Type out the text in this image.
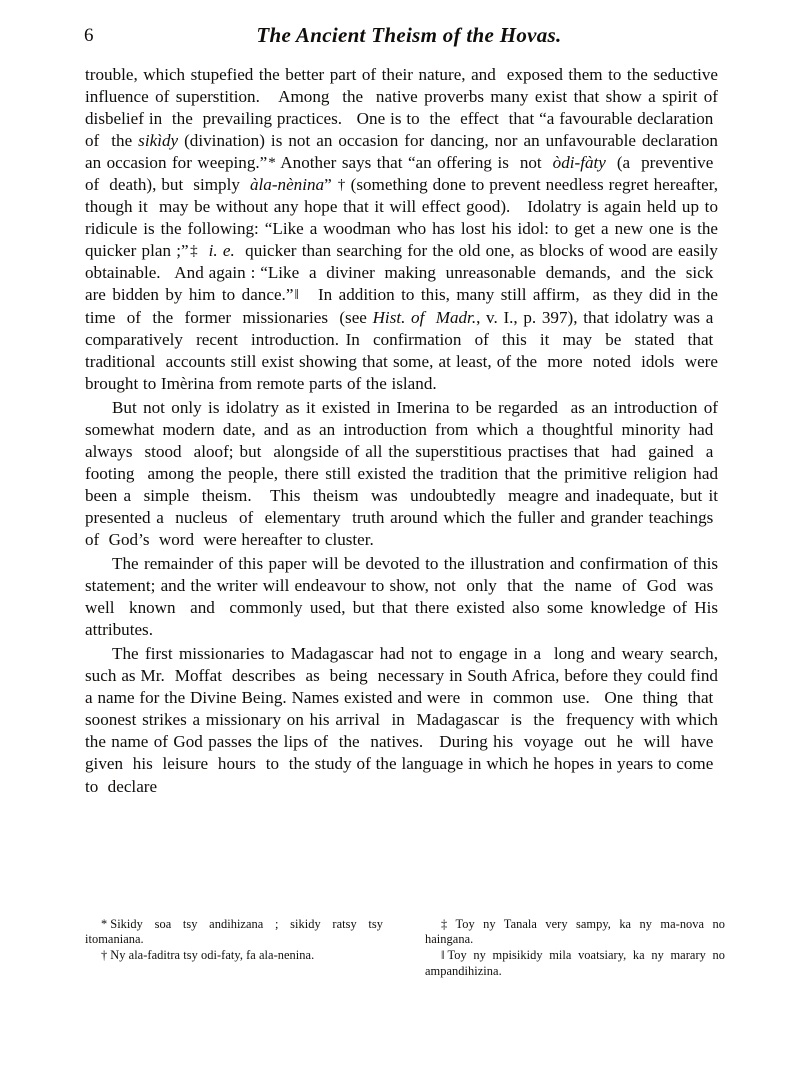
6	The Ancient Theism of the Hovas.

trouble, which stupefied the better part of their nature, and  exposed them to the seductive influence of superstition.   Among  the  native proverbs many exist that show a spirit of disbelief in  the  prevailing practices.   One is to  the  effect  that “a favourable declaration  of  the sikìdy (divination) is not an occasion for dancing, nor an unfavourable declaration an occasion for weeping.”* Another says that “an offering is  not  òdi-fàty  (a  preventive  of  death), but  simply  àla-nènina” † (something done to prevent needless regret hereafter, though it  may be without any hope that it will effect good).   Idolatry is again held up to ridicule is the following: “Like a woodman who has lost his idol: to get a new one is the quicker plan ;”‡ i. e.  quicker than searching for the old one, as blocks of wood are easily obtainable.   And again : “Like  a  diviner  making  unreasonable  demands,  and  the  sick  are bidden by him to dance.”‖   In addition to this, many still affirm,  as they did in the time  of  the  former  missionaries  (see Hist. of  Madr., v. I., p. 397), that idolatry was a  comparatively  recent  introduction. In  confirmation  of  this  it  may  be  stated  that  traditional  accounts still exist showing that some, at least, of the  more  noted  idols  were brought to Imèrina from remote parts of the island.

But not only is idolatry as it existed in Imerina to be regarded  as an introduction of somewhat modern date, and as an introduction from which a thoughtful minority had  always  stood  aloof; but  alongside of all the superstitious practises that  had  gained  a  footing  among the people, there still existed the tradition that the primitive religion had been a  simple  theism.   This  theism  was  undoubtedly  meagre and inadequate, but it presented a  nucleus  of  elementary  truth around which the fuller and grander teachings  of  God’s  word  were hereafter to cluster.

The remainder of this paper will be devoted to the illustration and confirmation of this statement; and the writer will endeavour to show, not  only  that  the  name  of  God  was  well  known  and  commonly used, but that there existed also some knowledge of His attributes.

The first missionaries to Madagascar had not to engage in a  long and weary search, such as Mr.  Moffat  describes  as  being  necessary in South Africa, before they could find a name for the Divine Being. Names existed and were  in  common  use.   One  thing  that  soonest strikes a missionary on his arrival  in  Madagascar  is  the  frequency with which the name of God passes the lips of  the  natives.   During his  voyage  out  he  will  have  given  his  leisure  hours  to  the study of the language in which he hopes in years to come  to  declare

* Sikidy soa tsy andihizana ; sikidy ratsy tsy itomaniana.

† Ny ala-faditra tsy odi-faty, fa ala-nenina.

‡ Toy ny Tanala very sampy, ka ny ma-nova no haingana.

‖ Toy ny mpisikidy mila voatsiary, ka ny marary no ampandihizina.
